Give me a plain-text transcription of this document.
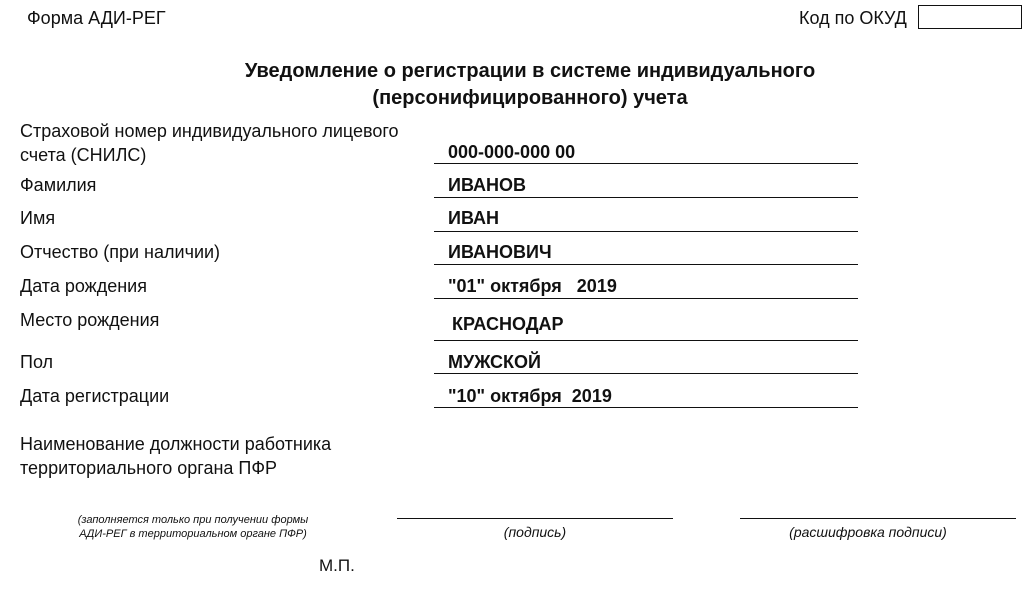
Форма АДИ-РЕГ	Код по ОКУД
Уведомление о регистрации в системе индивидуального
(персонифицированного) учета
Страховой номер индивидуального лицевого
счета (СНИЛС)	000-000-000 00
Фамилия	ИВАНОВ
Имя	ИВАН
Отчество (при наличии)	ИВАНОВИЧ
Дата рождения	"01" октября   2019
Место рождения	КРАСНОДАР
Пол	МУЖСКОЙ
Дата регистрации	"10" октября  2019
Наименование должности работника
территориального органа ПФР
(заполняется только при получении формы
АДИ-РЕГ в территориальном органе ПФР)	(подпись)	(расшифровка подписи)
М.П.
